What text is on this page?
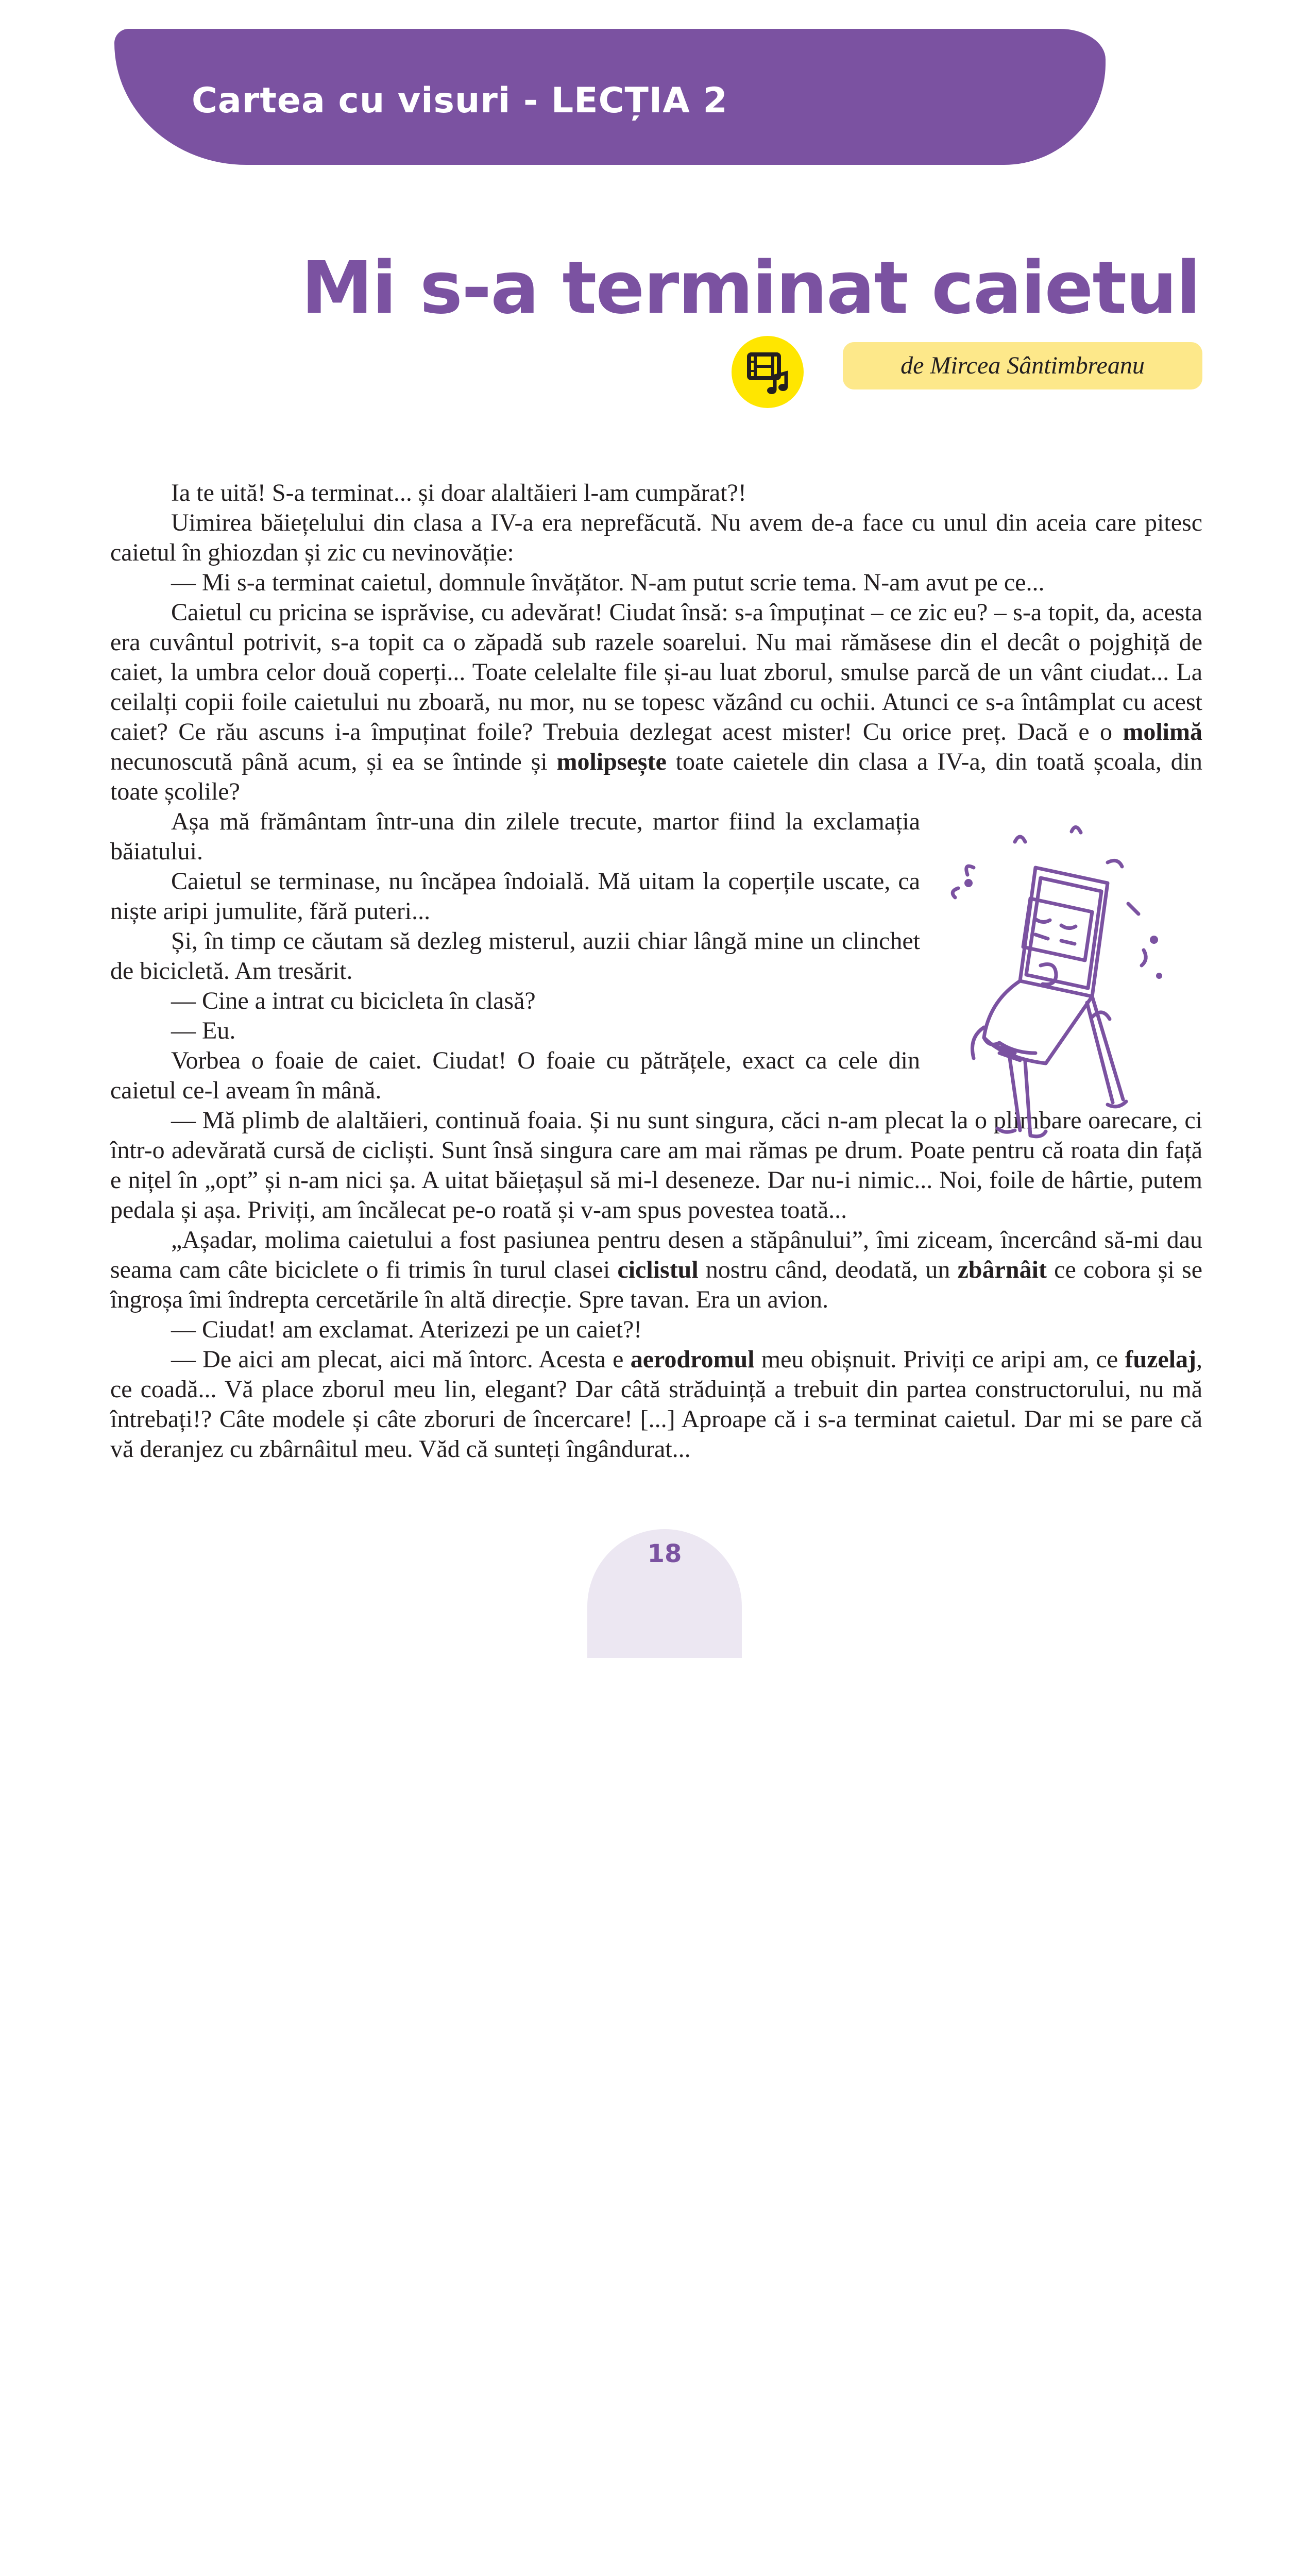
Cartea cu visuri - LECȚIA 2
Mi s-a terminat caietul
de Mircea Sântimbreanu

Ia te uită! S-a terminat... și doar alaltăieri l-am cumpărat?!

Uimirea băiețelului din clasa a IV-a era neprefăcută. Nu avem de-a face cu unul din aceia care pitesc caietul în ghiozdan și zic cu nevinovăție:

— Mi s-a terminat caietul, domnule învățător. N-am putut scrie tema. N-am avut pe ce...

Caietul cu pricina se isprăvise, cu adevărat! Ciudat însă: s-a împuținat – ce zic eu? – s-a topit, da, acesta era cuvântul potrivit, s-a topit ca o zăpadă sub razele soarelui. Nu mai rămăsese din el decât o pojghiță de caiet, la umbra celor două coperți... Toate celelalte file și-au luat zborul, smulse parcă de un vânt ciudat... La ceilalți copii foile caietului nu zboară, nu mor, nu se topesc văzând cu ochii. Atunci ce s-a întâmplat cu acest caiet? Ce rău ascuns i-a împuținat foile? Trebuia dezlegat acest mister! Cu orice preț. Dacă e o molimă necunoscută până acum, și ea se întinde și molipsește toate caietele din clasa a IV-a, din toată școala, din toate școlile?

Așa mă frământam într-una din zilele trecute, martor fiind la exclamația băiatului.

Caietul se terminase, nu încăpea îndoială. Mă uitam la coperțile uscate, ca niște aripi jumulite, fără puteri...

Și, în timp ce căutam să dezleg misterul, auzii chiar lângă mine un clinchet de bicicletă. Am tresărit.

— Cine a intrat cu bicicleta în clasă?

— Eu.

Vorbea o foaie de caiet. Ciudat! O foaie cu pătrățele, exact ca cele din caietul ce-l aveam în mână.

— Mă plimb de alaltăieri, continuă foaia. Și nu sunt singura, căci n-am plecat la o plimbare oarecare, ci într-o adevărată cursă de cicliști. Sunt însă singura care am mai rămas pe drum. Poate pentru că roata din față e nițel în „opt” și n-am nici șa. A uitat băiețașul să mi-l deseneze. Dar nu-i nimic... Noi, foile de hârtie, putem pedala și așa. Priviți, am încălecat pe-o roată și v-am spus povestea toată...

„Așadar, molima caietului a fost pasiunea pentru desen a stăpânului”, îmi ziceam, încercând să-mi dau seama cam câte biciclete o fi trimis în turul clasei ciclistul nostru când, deodată, un zbârnâit ce cobora și se îngroșa îmi îndrepta cercetările în altă direcție. Spre tavan. Era un avion.

— Ciudat! am exclamat. Aterizezi pe un caiet?!

— De aici am plecat, aici mă întorc. Acesta e aerodromul meu obișnuit. Priviți ce aripi am, ce fuzelaj, ce coadă... Vă place zborul meu lin, elegant? Dar câtă străduință a trebuit din partea constructorului, nu mă întrebați!? Câte modele și câte zboruri de încercare! [...] Aproape că i s-a terminat caietul. Dar mi se pare că vă deranjez cu zbârnâitul meu. Văd că sunteți îngândurat...

18
